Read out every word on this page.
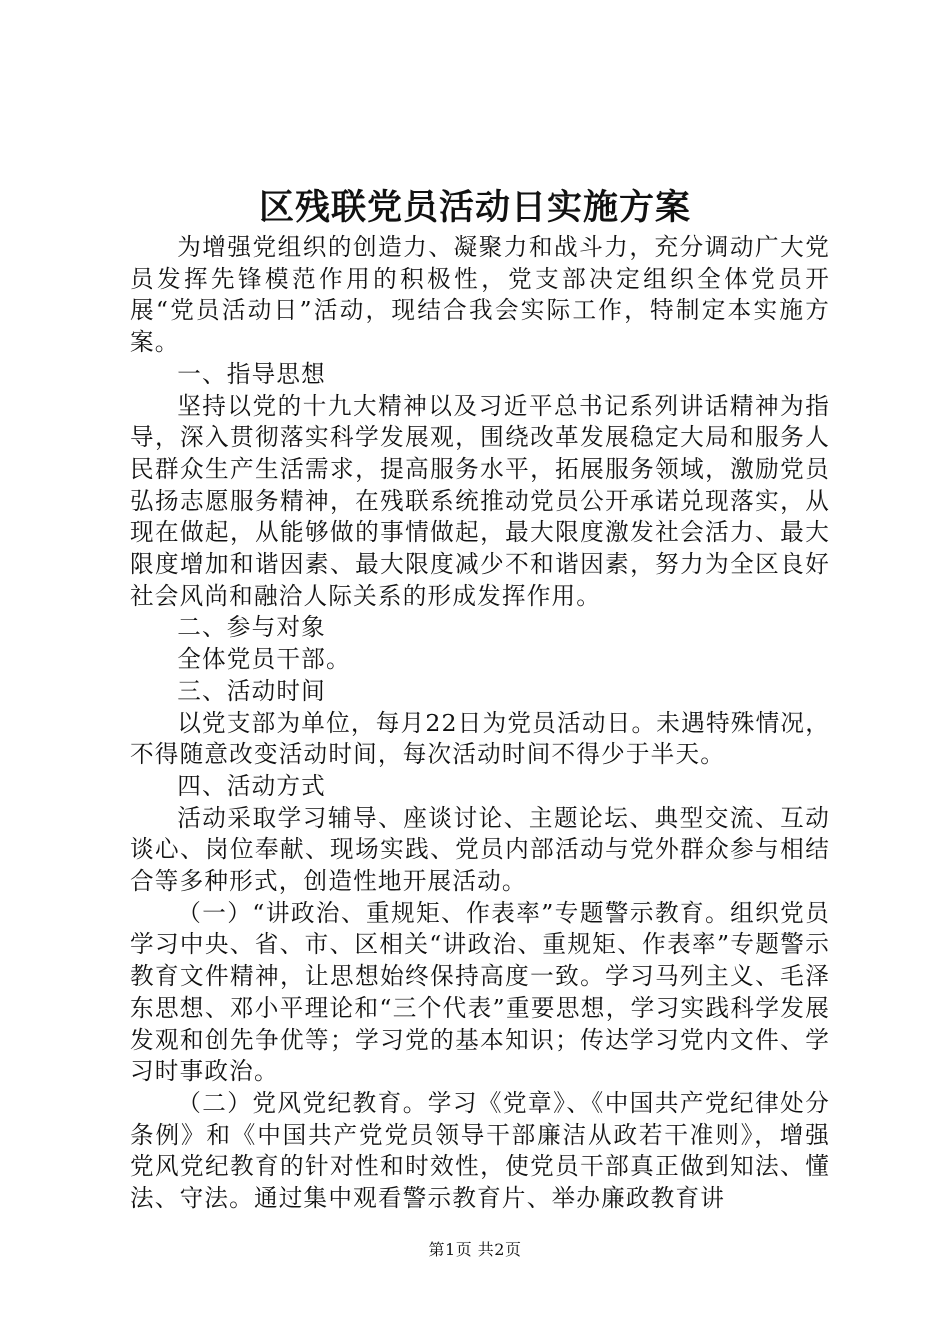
区残联党员活动日实施方案

为增强党组织的创造力、凝聚力和战斗力，充分调动广大党员发挥先锋模范作用的积极性，党支部决定组织全体党员开展“党员活动日”活动，现结合我会实际工作，特制定本实施方案。

一、指导思想

坚持以党的十九大精神以及习近平总书记系列讲话精神为指导，深入贯彻落实科学发展观，围绕改革发展稳定大局和服务人民群众生产生活需求，提高服务水平，拓展服务领域，激励党员弘扬志愿服务精神，在残联系统推动党员公开承诺兑现落实，从现在做起，从能够做的事情做起，最大限度激发社会活力、最大限度增加和谐因素、最大限度减少不和谐因素，努力为全区良好社会风尚和融洽人际关系的形成发挥作用。

二、参与对象

全体党员干部。

三、活动时间

以党支部为单位，每月22日为党员活动日。未遇特殊情况，不得随意改变活动时间，每次活动时间不得少于半天。

四、活动方式

活动采取学习辅导、座谈讨论、主题论坛、典型交流、互动谈心、岗位奉献、现场实践、党员内部活动与党外群众参与相结合等多种形式，创造性地开展活动。

（一）“讲政治、重规矩、作表率”专题警示教育。组织党员学习中央、省、市、区相关“讲政治、重规矩、作表率”专题警示教育文件精神，让思想始终保持高度一致。学习马列主义、毛泽东思想、邓小平理论和“三个代表”重要思想，学习实践科学发展发观和创先争优等；学习党的基本知识；传达学习党内文件、学习时事政治。

（二）党风党纪教育。学习《党章》、《中国共产党纪律处分条例》和《中国共产党党员领导干部廉洁从政若干准则》，增强党风党纪教育的针对性和时效性，使党员干部真正做到知法、懂法、守法。通过集中观看警示教育片、举办廉政教育讲

第1页 共2页
